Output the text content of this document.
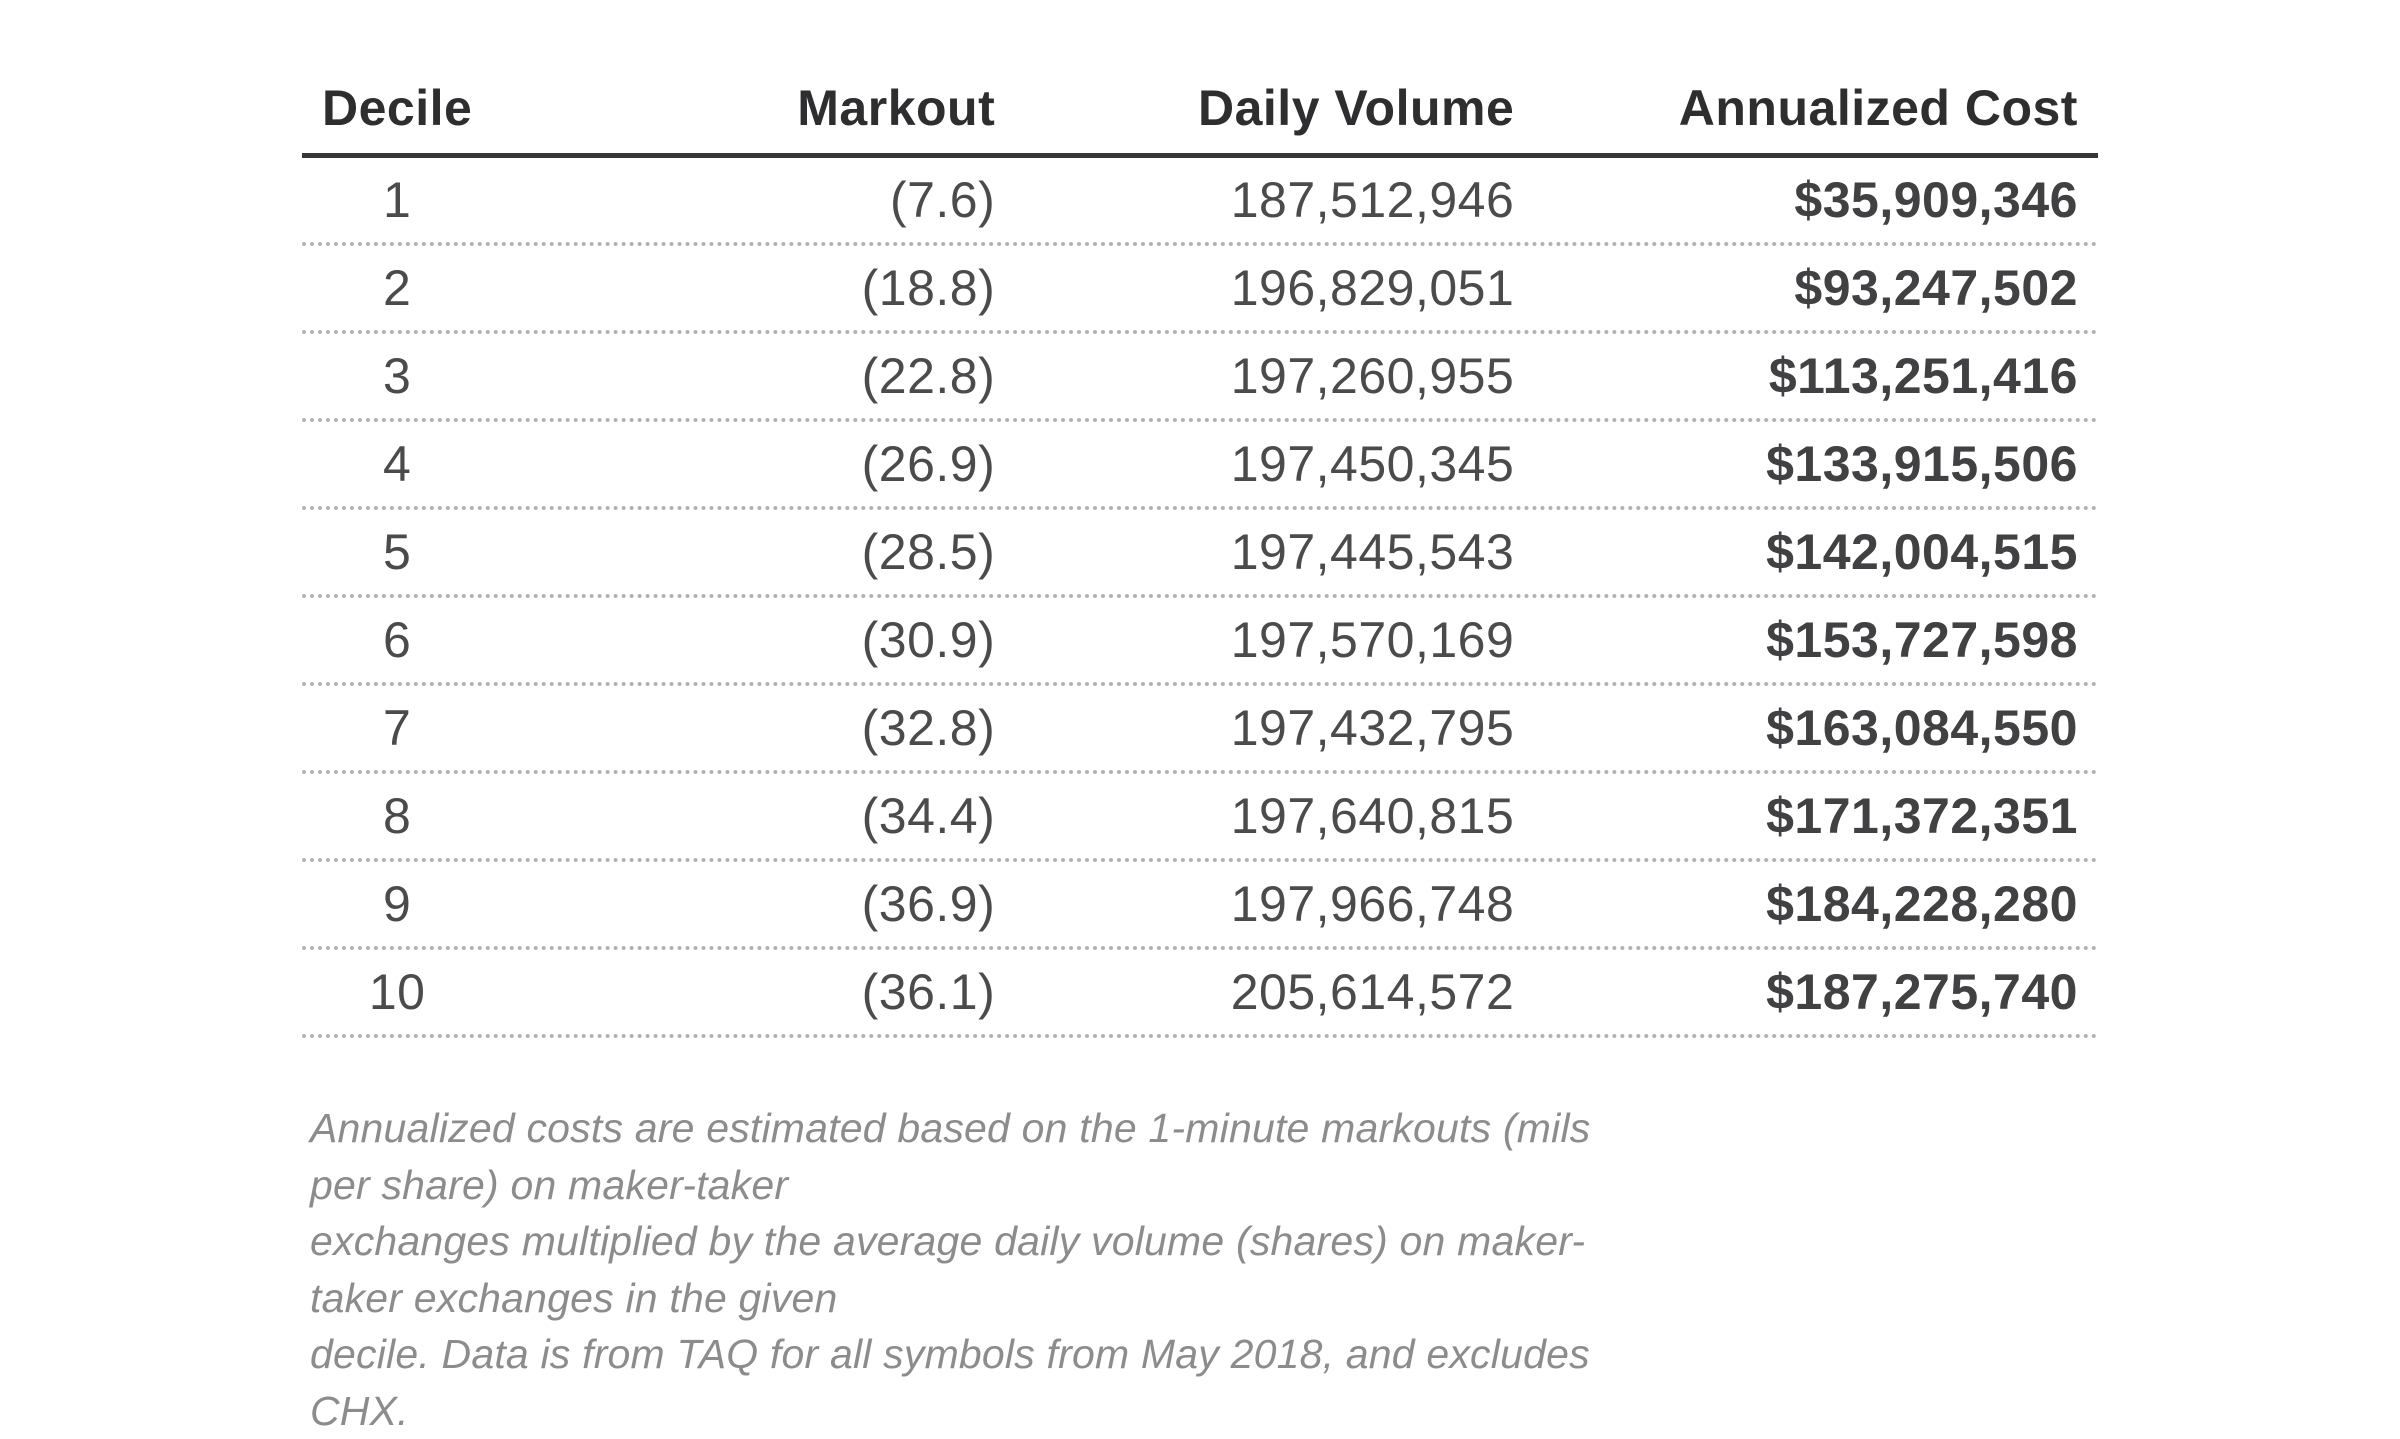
Decile	Markout	Daily Volume	Annualized Cost
1	(7.6)	187,512,946	$35,909,346
2	(18.8)	196,829,051	$93,247,502
3	(22.8)	197,260,955	$113,251,416
4	(26.9)	197,450,345	$133,915,506
5	(28.5)	197,445,543	$142,004,515
6	(30.9)	197,570,169	$153,727,598
7	(32.8)	197,432,795	$163,084,550
8	(34.4)	197,640,815	$171,372,351
9	(36.9)	197,966,748	$184,228,280
10	(36.1)	205,614,572	$187,275,740
Annualized costs are estimated based on the 1-minute markouts (mils per share) on maker-taker
exchanges multiplied by the average daily volume (shares) on maker-taker exchanges in the given
decile. Data is from TAQ for all symbols from May 2018, and excludes CHX.
